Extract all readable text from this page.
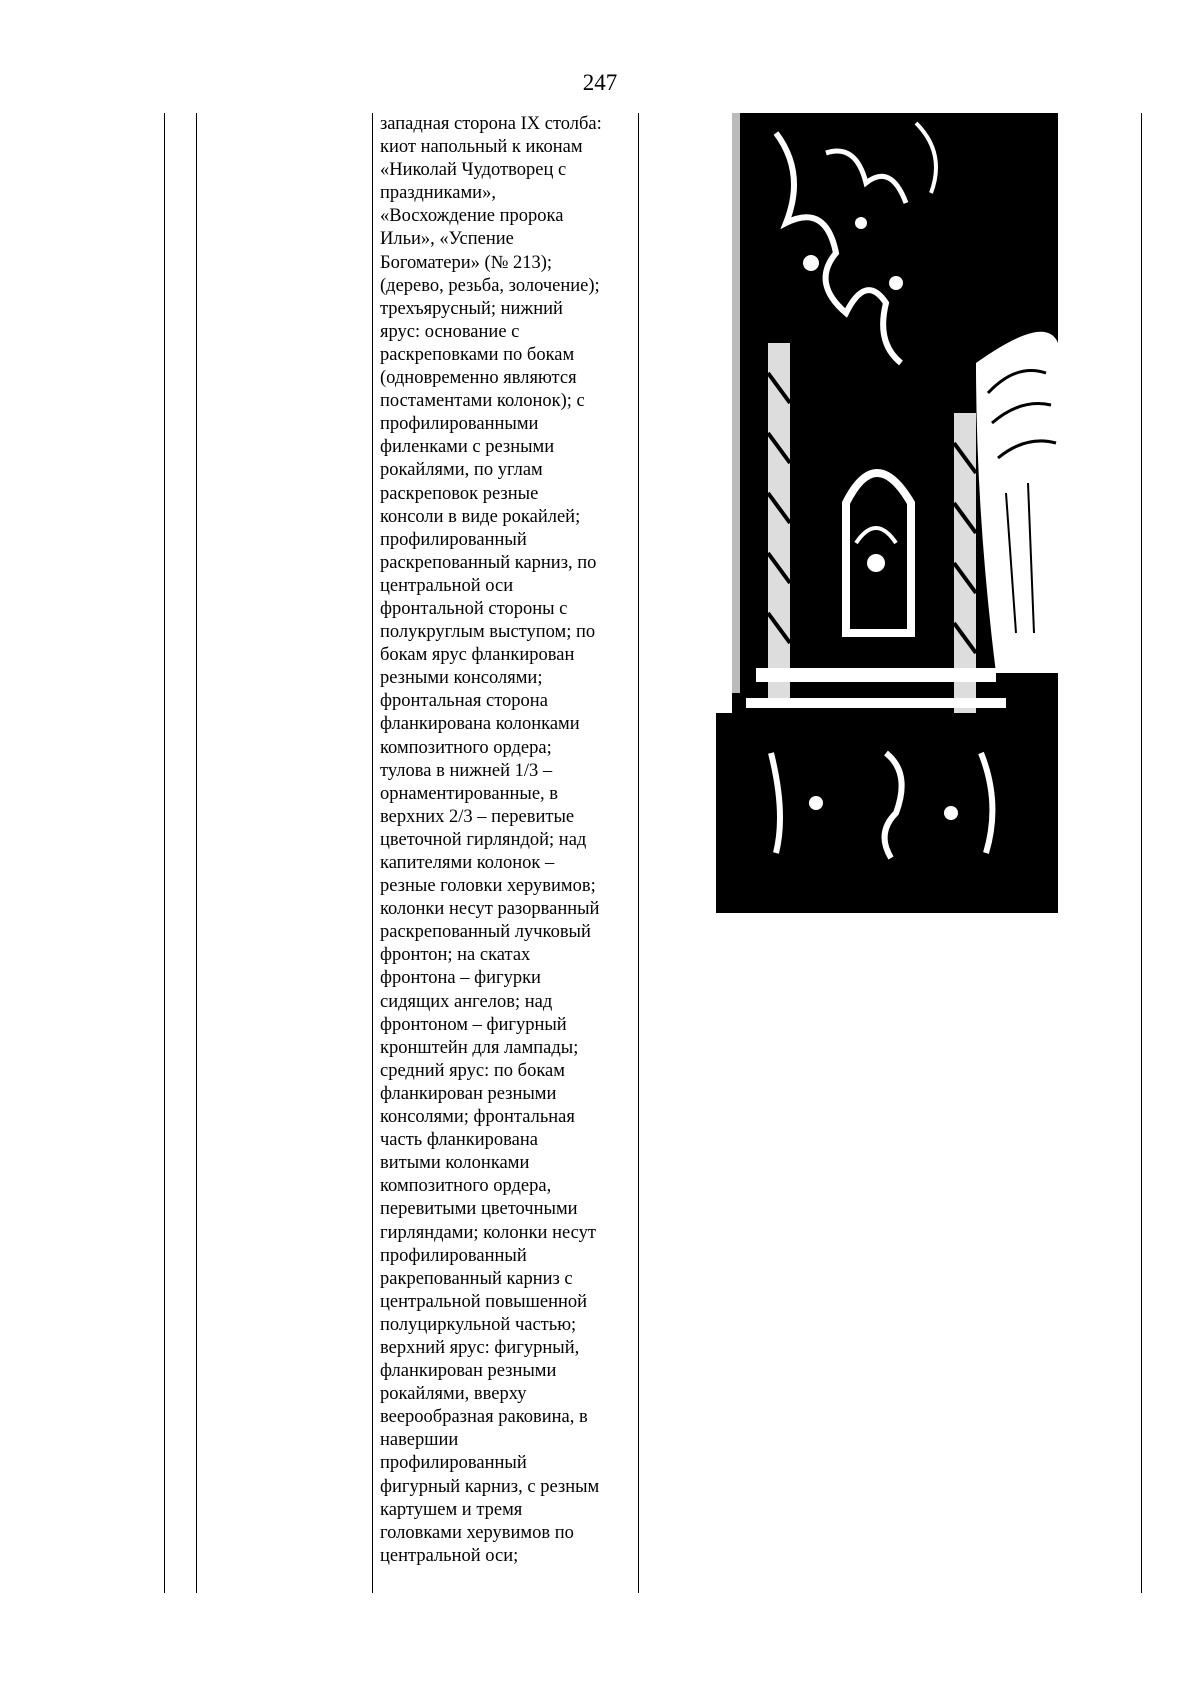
247

западная сторона IX столба:

киот напольный к иконам

«Николай Чудотворец с

праздниками»,

«Восхождение пророка

Ильи», «Успение

Богоматери» (№ 213);

(дерево, резьба, золочение);

трехъярусный; нижний

ярус: основание с

раскреповками по бокам

(одновременно являются

постаментами колонок); с

профилированными

филенками с резными

рокайлями, по углам

раскреповок резные

консоли в виде рокайлей;

профилированный

раскрепованный карниз, по

центральной оси

фронтальной стороны с

полукруглым выступом; по

бокам ярус фланкирован

резными консолями;

фронтальная сторона

фланкирована колонками

композитного ордера;

тулова в нижней 1/3 –

орнаментированные, в

верхних 2/3 – перевитые

цветочной гирляндой; над

капителями колонок –

резные головки херувимов;

колонки несут разорванный

раскрепованный лучковый

фронтон; на скатах

фронтона – фигурки

сидящих ангелов; над

фронтоном – фигурный

кронштейн для лампады;

средний ярус: по бокам

фланкирован резными

консолями; фронтальная

часть фланкирована

витыми колонками

композитного ордера,

перевитыми цветочными

гирляндами; колонки несут

профилированный

ракрепованный карниз с

центральной повышенной

полуциркульной частью;

верхний ярус: фигурный,

фланкирован резными

рокайлями, вверху

веерообразная раковина, в

навершии

профилированный

фигурный карниз, с резным

картушем и тремя

головками херувимов по

центральной оси;
